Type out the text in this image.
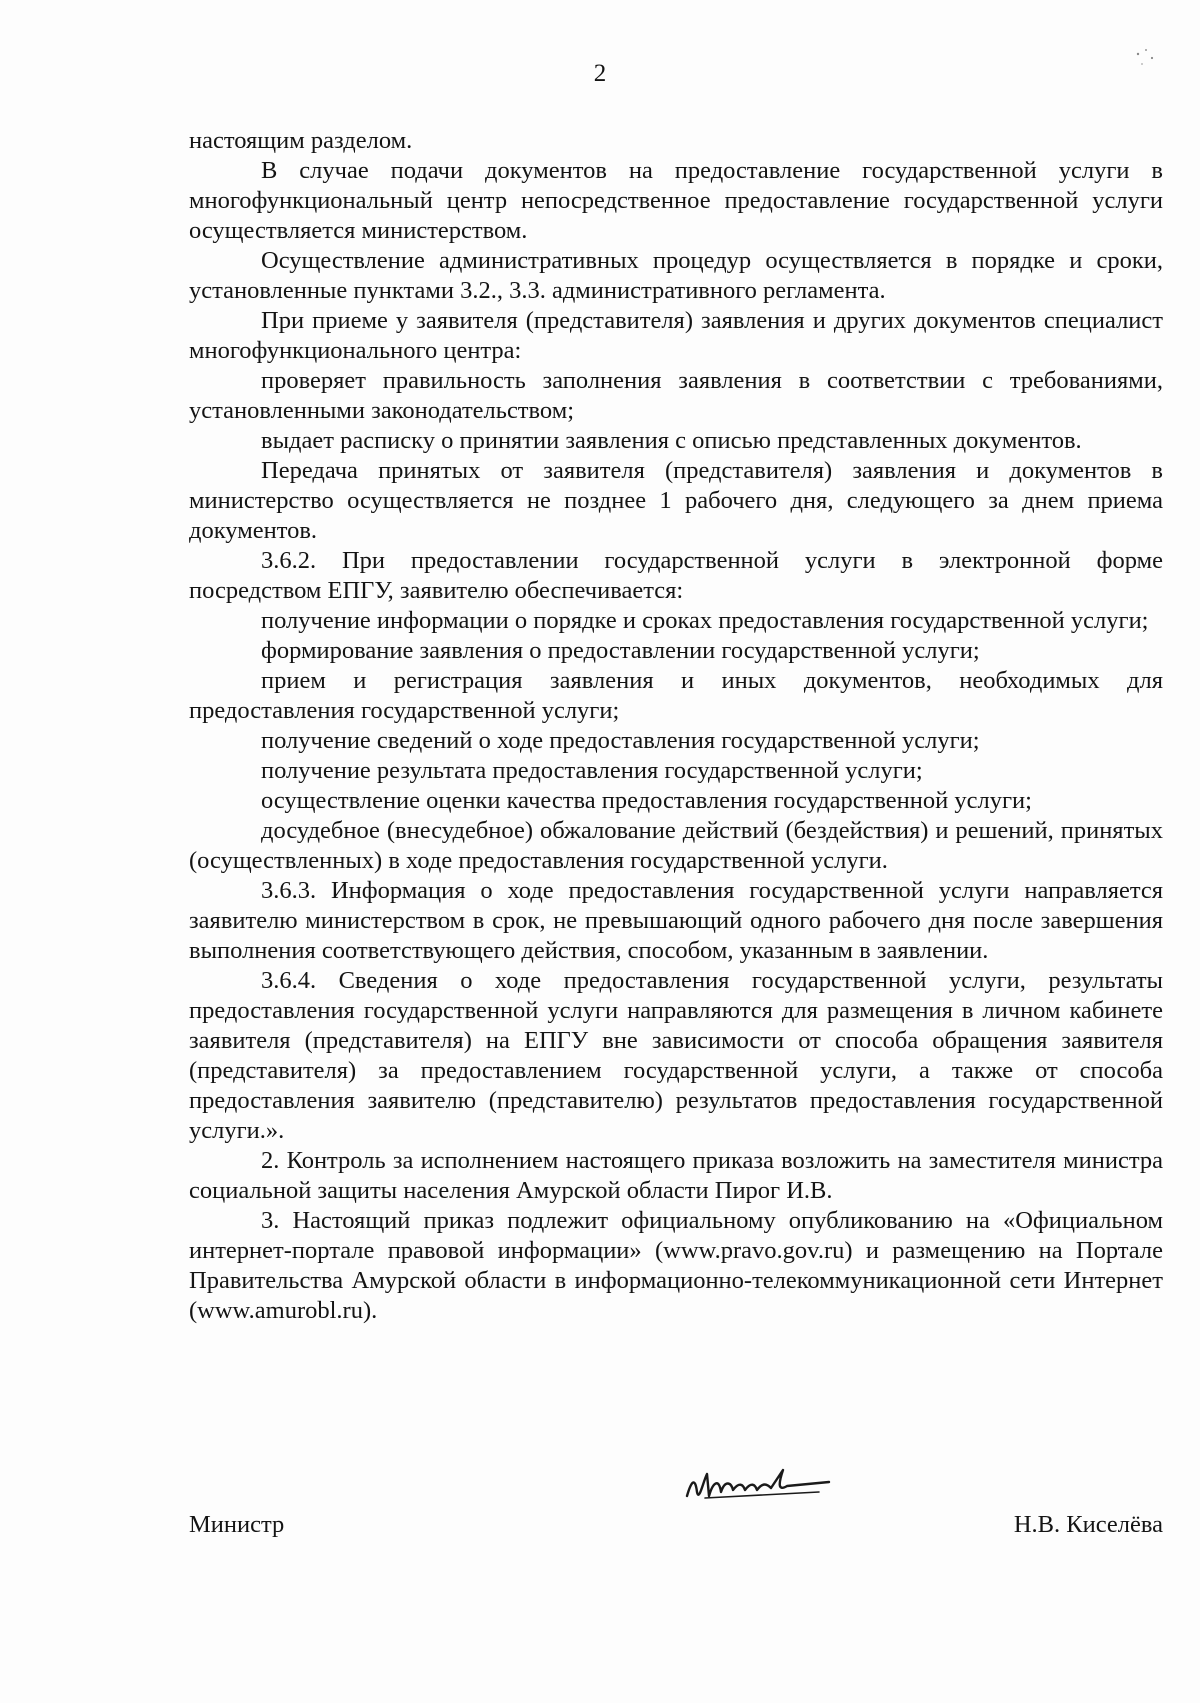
2

настоящим разделом.

В случае подачи документов на предоставление государственной услуги в многофункциональный центр непосредственное предоставление государственной услуги осуществляется министерством.

Осуществление административных процедур осуществляется в порядке и сроки, установленные пунктами 3.2., 3.3. административного регламента.

При приеме у заявителя (представителя) заявления и других документов специалист многофункционального центра:

проверяет правильность заполнения заявления в соответствии с требованиями, установленными законодательством;

выдает расписку о принятии заявления с описью представленных документов.

Передача принятых от заявителя (представителя) заявления и документов в министерство осуществляется не позднее 1 рабочего дня, следующего за днем приема документов.

3.6.2. При предоставлении государственной услуги в электронной форме посредством ЕПГУ, заявителю обеспечивается:

получение информации о порядке и сроках предоставления государственной услуги;

формирование заявления о предоставлении государственной услуги;

прием и регистрация заявления и иных документов, необходимых для предоставления государственной услуги;

получение сведений о ходе предоставления государственной услуги;

получение результата предоставления государственной услуги;

осуществление оценки качества предоставления государственной услуги;

досудебное (внесудебное) обжалование действий (бездействия) и решений, принятых (осуществленных) в ходе предоставления государственной услуги.

3.6.3. Информация о ходе предоставления государственной услуги направляется заявителю министерством в срок, не превышающий одного рабочего дня после завершения выполнения соответствующего действия, способом, указанным в заявлении.

3.6.4. Сведения о ходе предоставления государственной услуги, результаты предоставления государственной услуги направляются для размещения в личном кабинете заявителя (представителя) на ЕПГУ вне зависимости от способа обращения заявителя (представителя) за предоставлением государственной услуги, а также от способа предоставления заявителю (представителю) результатов предоставления государственной услуги.».

2. Контроль за исполнением настоящего приказа возложить на заместителя министра социальной защиты населения Амурской области Пирог И.В.

3. Настоящий приказ подлежит официальному опубликованию на «Официальном интернет-портале правовой информации» (www.pravo.gov.ru) и размещению на Портале Правительства Амурской области в информационно-телекоммуникационной сети Интернет (www.amurobl.ru).

Министр	Н.В. Киселёва
